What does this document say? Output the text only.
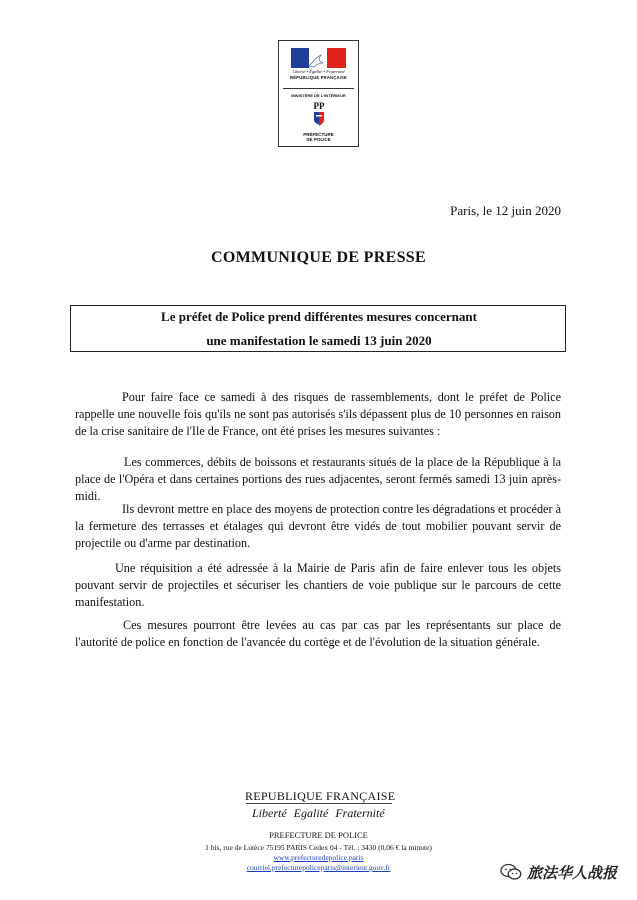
Liberté • Égalité • Fraternité
RÉPUBLIQUE FRANÇAISE
MINISTÈRE DE L'INTÉRIEUR
PP
PRÉFECTURE
DE POLICE
Paris, le 12 juin 2020
COMMUNIQUE DE PRESSE
Le préfet de Police prend différentes mesures concernant
une manifestation le samedi 13 juin 2020

Pour faire face ce samedi à des risques de rassemblements, dont le préfet de Police rappelle une nouvelle fois qu'ils ne sont pas autorisés s'ils dépassent plus de 10 personnes en raison de la crise sanitaire de l'Ile de France, ont été prises les mesures suivantes :

Les commerces, débits de boissons et restaurants situés de la place de la République à la place de l'Opéra et dans certaines portions des rues adjacentes, seront fermés samedi 13 juin après-midi.

Ils devront mettre en place des moyens de protection contre les dégradations et procéder à la fermeture des terrasses et étalages qui devront être vidés de tout mobilier pouvant servir de projectile ou d'arme par destination.

Une réquisition a été adressée à la Mairie de Paris afin de faire enlever tous les objets pouvant servir de projectiles et sécuriser les chantiers de voie publique sur le parcours de cette manifestation.

Ces mesures pourront être levées au cas par cas par les représentants sur place de l'autorité de police en fonction de l'avancée du cortège et de l'évolution de la situation générale.

REPUBLIQUE FRANÇAISE
Liberté Egalité Fraternité
PREFECTURE DE POLICE
1 bis, rue de Lutèce 75195 PARIS Cedex 04 - Tél. : 3430 (0,06 € la minute)
www.prefecturedepolice.paris
courriel.prefecturepoliceparis@interieur.gouv.fr	旅法华人战报
